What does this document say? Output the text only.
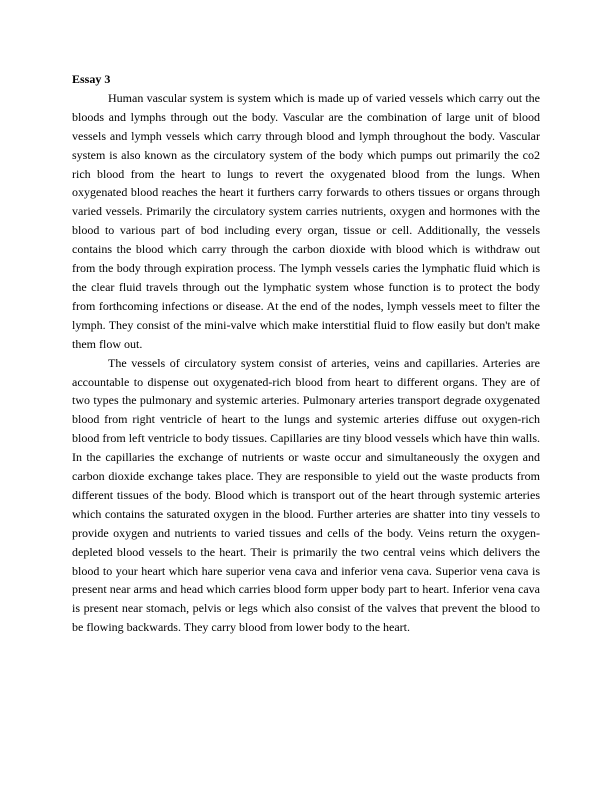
Essay 3

Human vascular system is system which is made up of varied vessels which carry out the bloods and lymphs through out the body. Vascular are the combination of large unit of blood vessels and lymph vessels which carry through blood and lymph throughout the body. Vascular system is also known as the circulatory system of the body which pumps out primarily the co2 rich blood from the heart to lungs to revert the oxygenated blood from the lungs. When oxygenated blood reaches the heart it furthers carry forwards to others tissues or organs through varied vessels. Primarily the circulatory system carries nutrients, oxygen and hormones with the blood to various part of bod including every organ, tissue or cell. Additionally, the vessels contains the blood which carry through the carbon dioxide with blood which is withdraw out from the body through expiration process. The lymph vessels caries the lymphatic fluid which is the clear fluid travels through out the lymphatic system whose function is to protect the body from forthcoming infections or disease. At the end of the nodes, lymph vessels meet to filter the lymph. They consist of the mini-valve which make interstitial fluid to flow easily but don't make them flow out.

The vessels of circulatory system consist of arteries, veins and capillaries. Arteries are accountable to dispense out oxygenated-rich blood from heart to different organs. They are of two types the pulmonary and systemic arteries. Pulmonary arteries transport degrade oxygenated blood from right ventricle of heart to the lungs and systemic arteries diffuse out oxygen-rich blood from left ventricle to body tissues. Capillaries are tiny blood vessels which have thin walls. In the capillaries the exchange of nutrients or waste occur and simultaneously the oxygen and carbon dioxide exchange takes place. They are responsible to yield out the waste products from different tissues of the body. Blood which is transport out of the heart through systemic arteries which contains the saturated oxygen in the blood. Further arteries are shatter into tiny vessels to provide oxygen and nutrients to varied tissues and cells of the body. Veins return the oxygen-depleted blood vessels to the heart. Their is primarily the two central veins which delivers the blood to your heart which hare superior vena cava and inferior vena cava. Superior vena cava is present near arms and head which carries blood form upper body part to heart. Inferior vena cava is present near stomach, pelvis or legs which also consist of the valves that prevent the blood to be flowing backwards. They carry blood from lower body to the heart.
